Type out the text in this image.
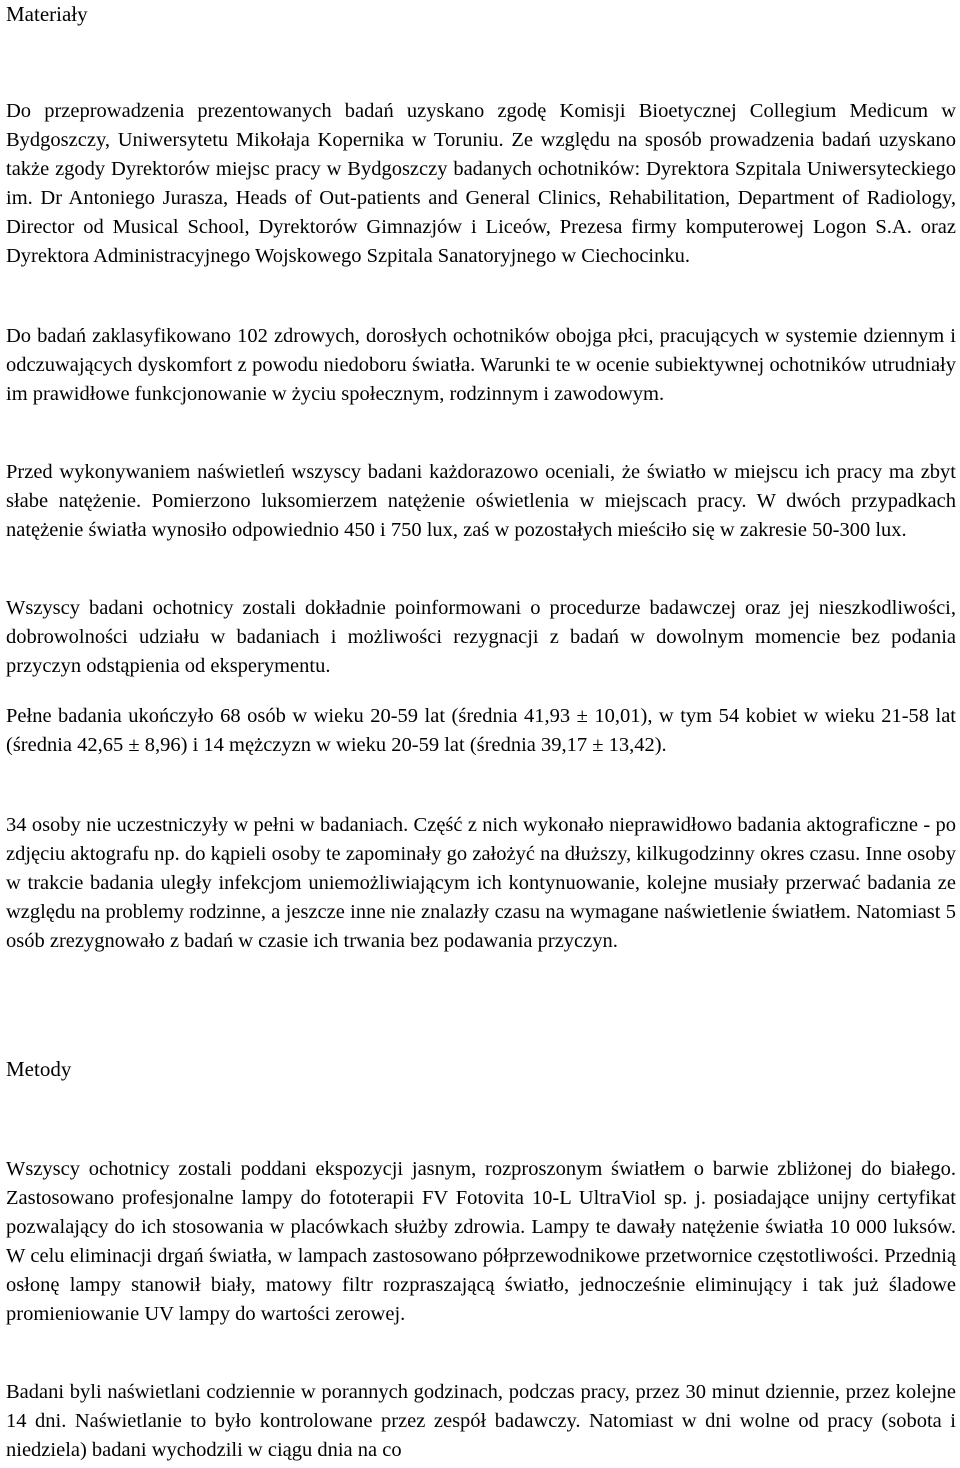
Materiały

Do przeprowadzenia prezentowanych badań uzyskano zgodę Komisji Bioetycznej Collegium Medicum w Bydgoszczy, Uniwersytetu Mikołaja Kopernika w Toruniu. Ze względu na sposób prowadzenia badań uzyskano także zgody Dyrektorów miejsc pracy w Bydgoszczy badanych ochotników: Dyrektora Szpitala Uniwersyteckiego im. Dr Antoniego Jurasza, Heads of Out-patients and General Clinics, Rehabilitation, Department of Radiology, Director od Musical School, Dyrektorów Gimnazjów i Liceów, Prezesa firmy komputerowej Logon S.A. oraz Dyrektora Administracyjnego Wojskowego Szpitala Sanatoryjnego w Ciechocinku.

Do badań zaklasyfikowano 102 zdrowych, dorosłych ochotników obojga płci, pracujących w systemie dziennym i odczuwających dyskomfort z powodu niedoboru światła. Warunki te w ocenie subiektywnej ochotników utrudniały im prawidłowe funkcjonowanie w życiu społecznym, rodzinnym i zawodowym.

Przed wykonywaniem naświetleń wszyscy badani każdorazowo oceniali, że światło w miejscu ich pracy ma zbyt słabe natężenie. Pomierzono luksomierzem natężenie oświetlenia w miejscach pracy. W dwóch przypadkach natężenie światła wynosiło odpowiednio 450 i 750 lux, zaś w pozostałych mieściło się w zakresie 50-300 lux.

Wszyscy badani ochotnicy zostali dokładnie poinformowani o procedurze badawczej oraz jej nieszkodliwości, dobrowolności udziału w badaniach i możliwości rezygnacji z badań w dowolnym momencie bez podania przyczyn odstąpienia od eksperymentu.

Pełne badania ukończyło 68 osób w wieku 20-59 lat (średnia 41,93 ± 10,01), w tym 54 kobiet w wieku 21-58 lat (średnia 42,65 ± 8,96) i 14 mężczyzn w wieku 20-59 lat (średnia 39,17 ± 13,42).

34 osoby nie uczestniczyły w pełni w badaniach. Część z nich wykonało nieprawidłowo badania aktograficzne - po zdjęciu aktografu np. do kąpieli osoby te zapominały go założyć na dłuższy, kilkugodzinny okres czasu. Inne osoby w trakcie badania uległy infekcjom uniemożliwiającym ich kontynuowanie, kolejne musiały przerwać badania ze względu na problemy rodzinne, a jeszcze inne nie znalazły czasu na wymagane naświetlenie światłem. Natomiast 5 osób zrezygnowało z badań w czasie ich trwania bez podawania przyczyn.

Metody

Wszyscy ochotnicy zostali poddani ekspozycji jasnym, rozproszonym światłem o barwie zbliżonej do białego. Zastosowano profesjonalne lampy do fototerapii FV Fotovita 10-L UltraViol sp. j. posiadające unijny certyfikat pozwalający do ich stosowania w placówkach służby zdrowia. Lampy te dawały natężenie światła 10 000 luksów. W celu eliminacji drgań światła, w lampach zastosowano półprzewodnikowe przetwornice częstotliwości. Przednią osłonę lampy stanowił biały, matowy filtr rozpraszającą światło, jednocześnie eliminujący i tak już śladowe promieniowanie UV lampy do wartości zerowej.

Badani byli naświetlani codziennie w porannych godzinach, podczas pracy, przez 30 minut dziennie, przez kolejne 14 dni. Naświetlanie to było kontrolowane przez zespół badawczy. Natomiast w dni wolne od pracy (sobota i niedziela) badani wychodzili w ciągu dnia na co
